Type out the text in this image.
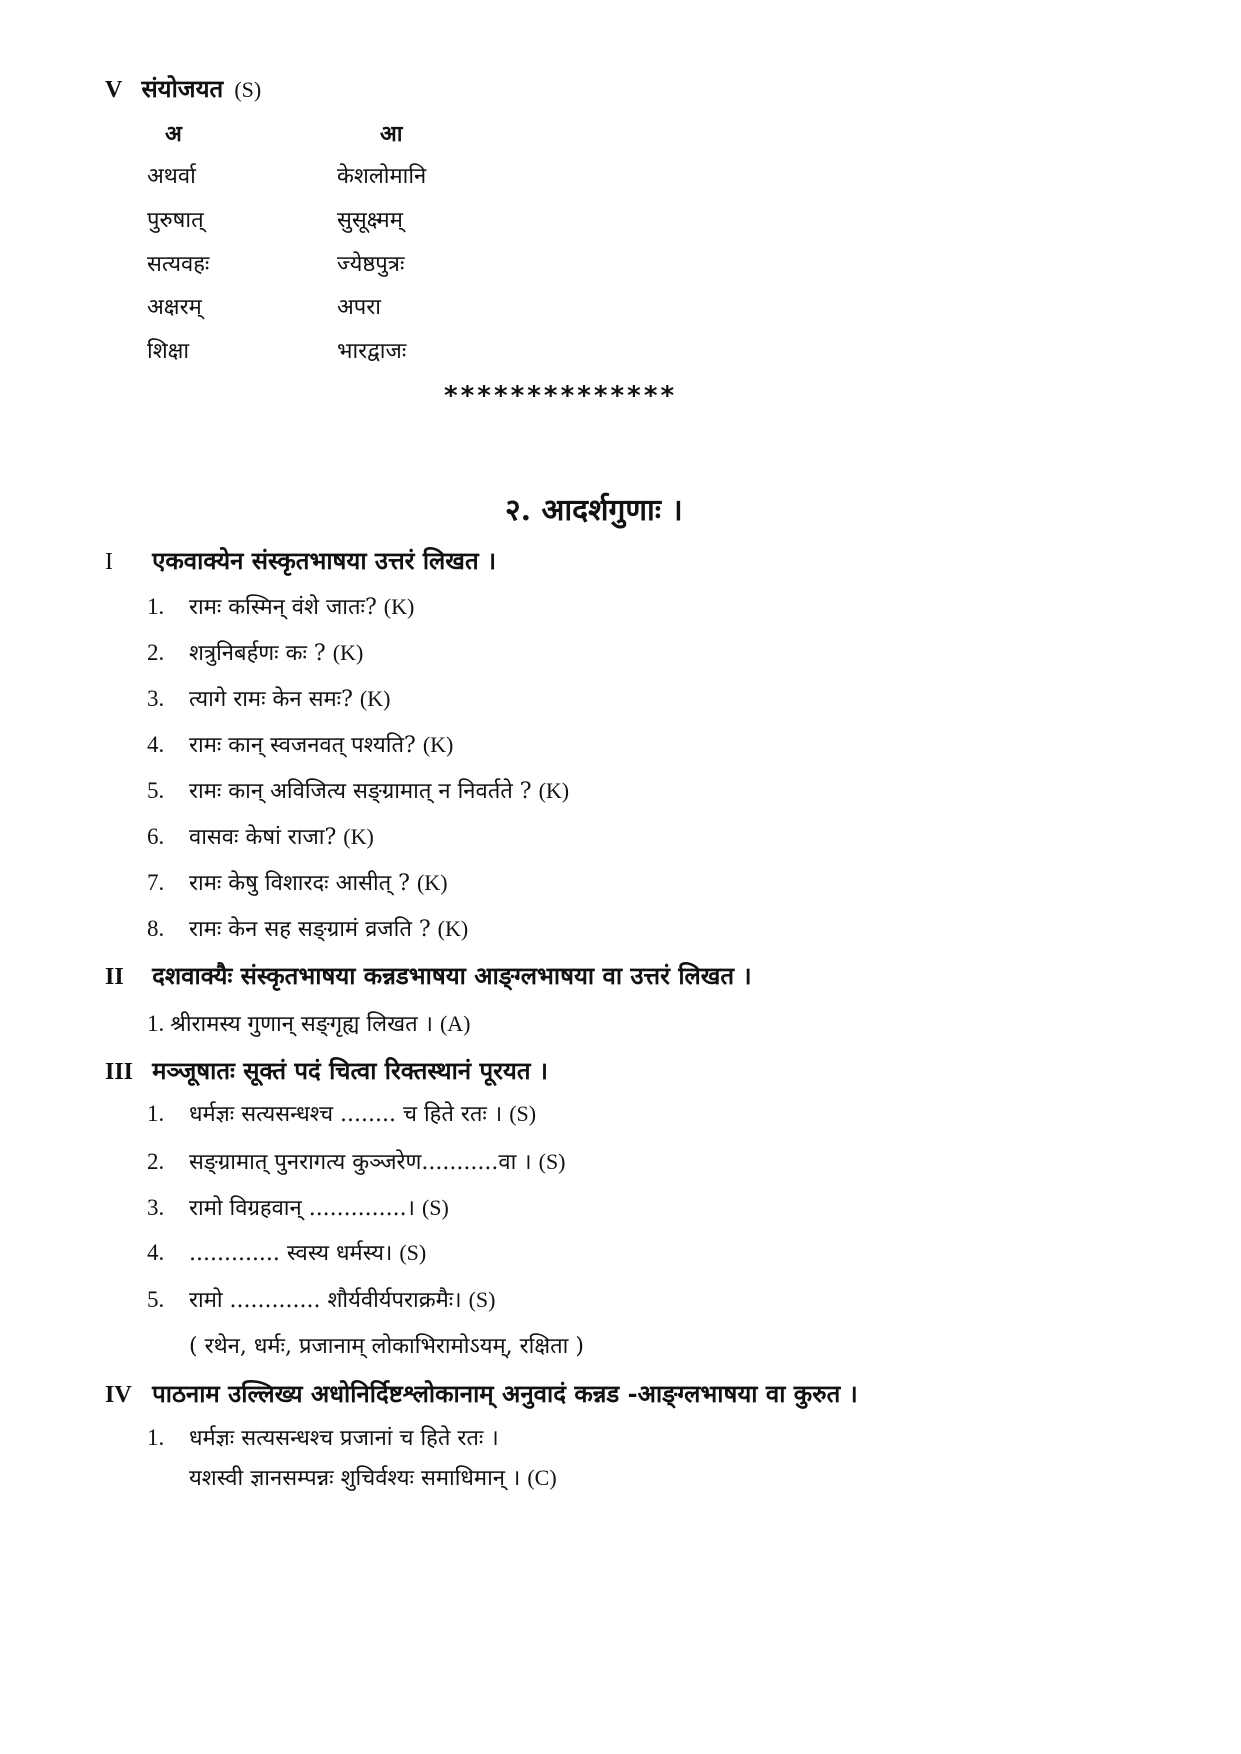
V संयोजयत (S)
अ	आ
अथर्वा	केशलोमानि
पुरुषात्	सुसूक्ष्मम्
सत्यवहः	ज्येष्ठपुत्रः
अक्षरम्	अपरा
शिक्षा	भारद्वाजः
**************
२. आदर्शगुणाः ।
I एकवाक्येन संस्कृतभाषया उत्तरं लिखत ।
1. रामः कस्मिन् वंशे जातः? (K)
2. शत्रुनिबर्हणः कः ? (K)
3. त्यागे रामः केन समः? (K)
4. रामः कान् स्वजनवत् पश्यति? (K)
5. रामः कान् अविजित्य सङ्ग्रामात् न निवर्तते ? (K)
6. वासवः केषां राजा? (K)
7. रामः केषु विशारदः आसीत् ? (K)
8. रामः केन सह सङ्ग्रामं व्रजति ? (K)
II दशवाक्यैः संस्कृतभाषया कन्नडभाषया आङ्ग्लभाषया वा उत्तरं लिखत ।
1. श्रीरामस्य गुणान् सङ्गृह्य लिखत । (A)
III मञ्जूषातः सूक्तं पदं चित्वा रिक्तस्थानं पूरयत ।
1. धर्मज्ञः सत्यसन्धश्च ........ च हिते रतः । (S)
2. सङ्ग्रामात् पुनरागत्य कुञ्जरेण...........वा । (S)
3. रामो विग्रहवान् ..............। (S)
4. ............. स्वस्य धर्मस्य। (S)
5. रामो ............. शौर्यवीर्यपराक्रमैः। (S)
( रथेन, धर्मः, प्रजानाम् लोकाभिरामोऽयम्, रक्षिता )
IV पाठनाम उल्लिख्य अधोनिर्दिष्टश्लोकानाम् अनुवादं कन्नड -आङ्ग्लभाषया वा कुरुत ।
1. धर्मज्ञः सत्यसन्धश्च प्रजानां च हिते रतः ।
यशस्वी ज्ञानसम्पन्नः शुचिर्वश्यः समाधिमान् । (C)
